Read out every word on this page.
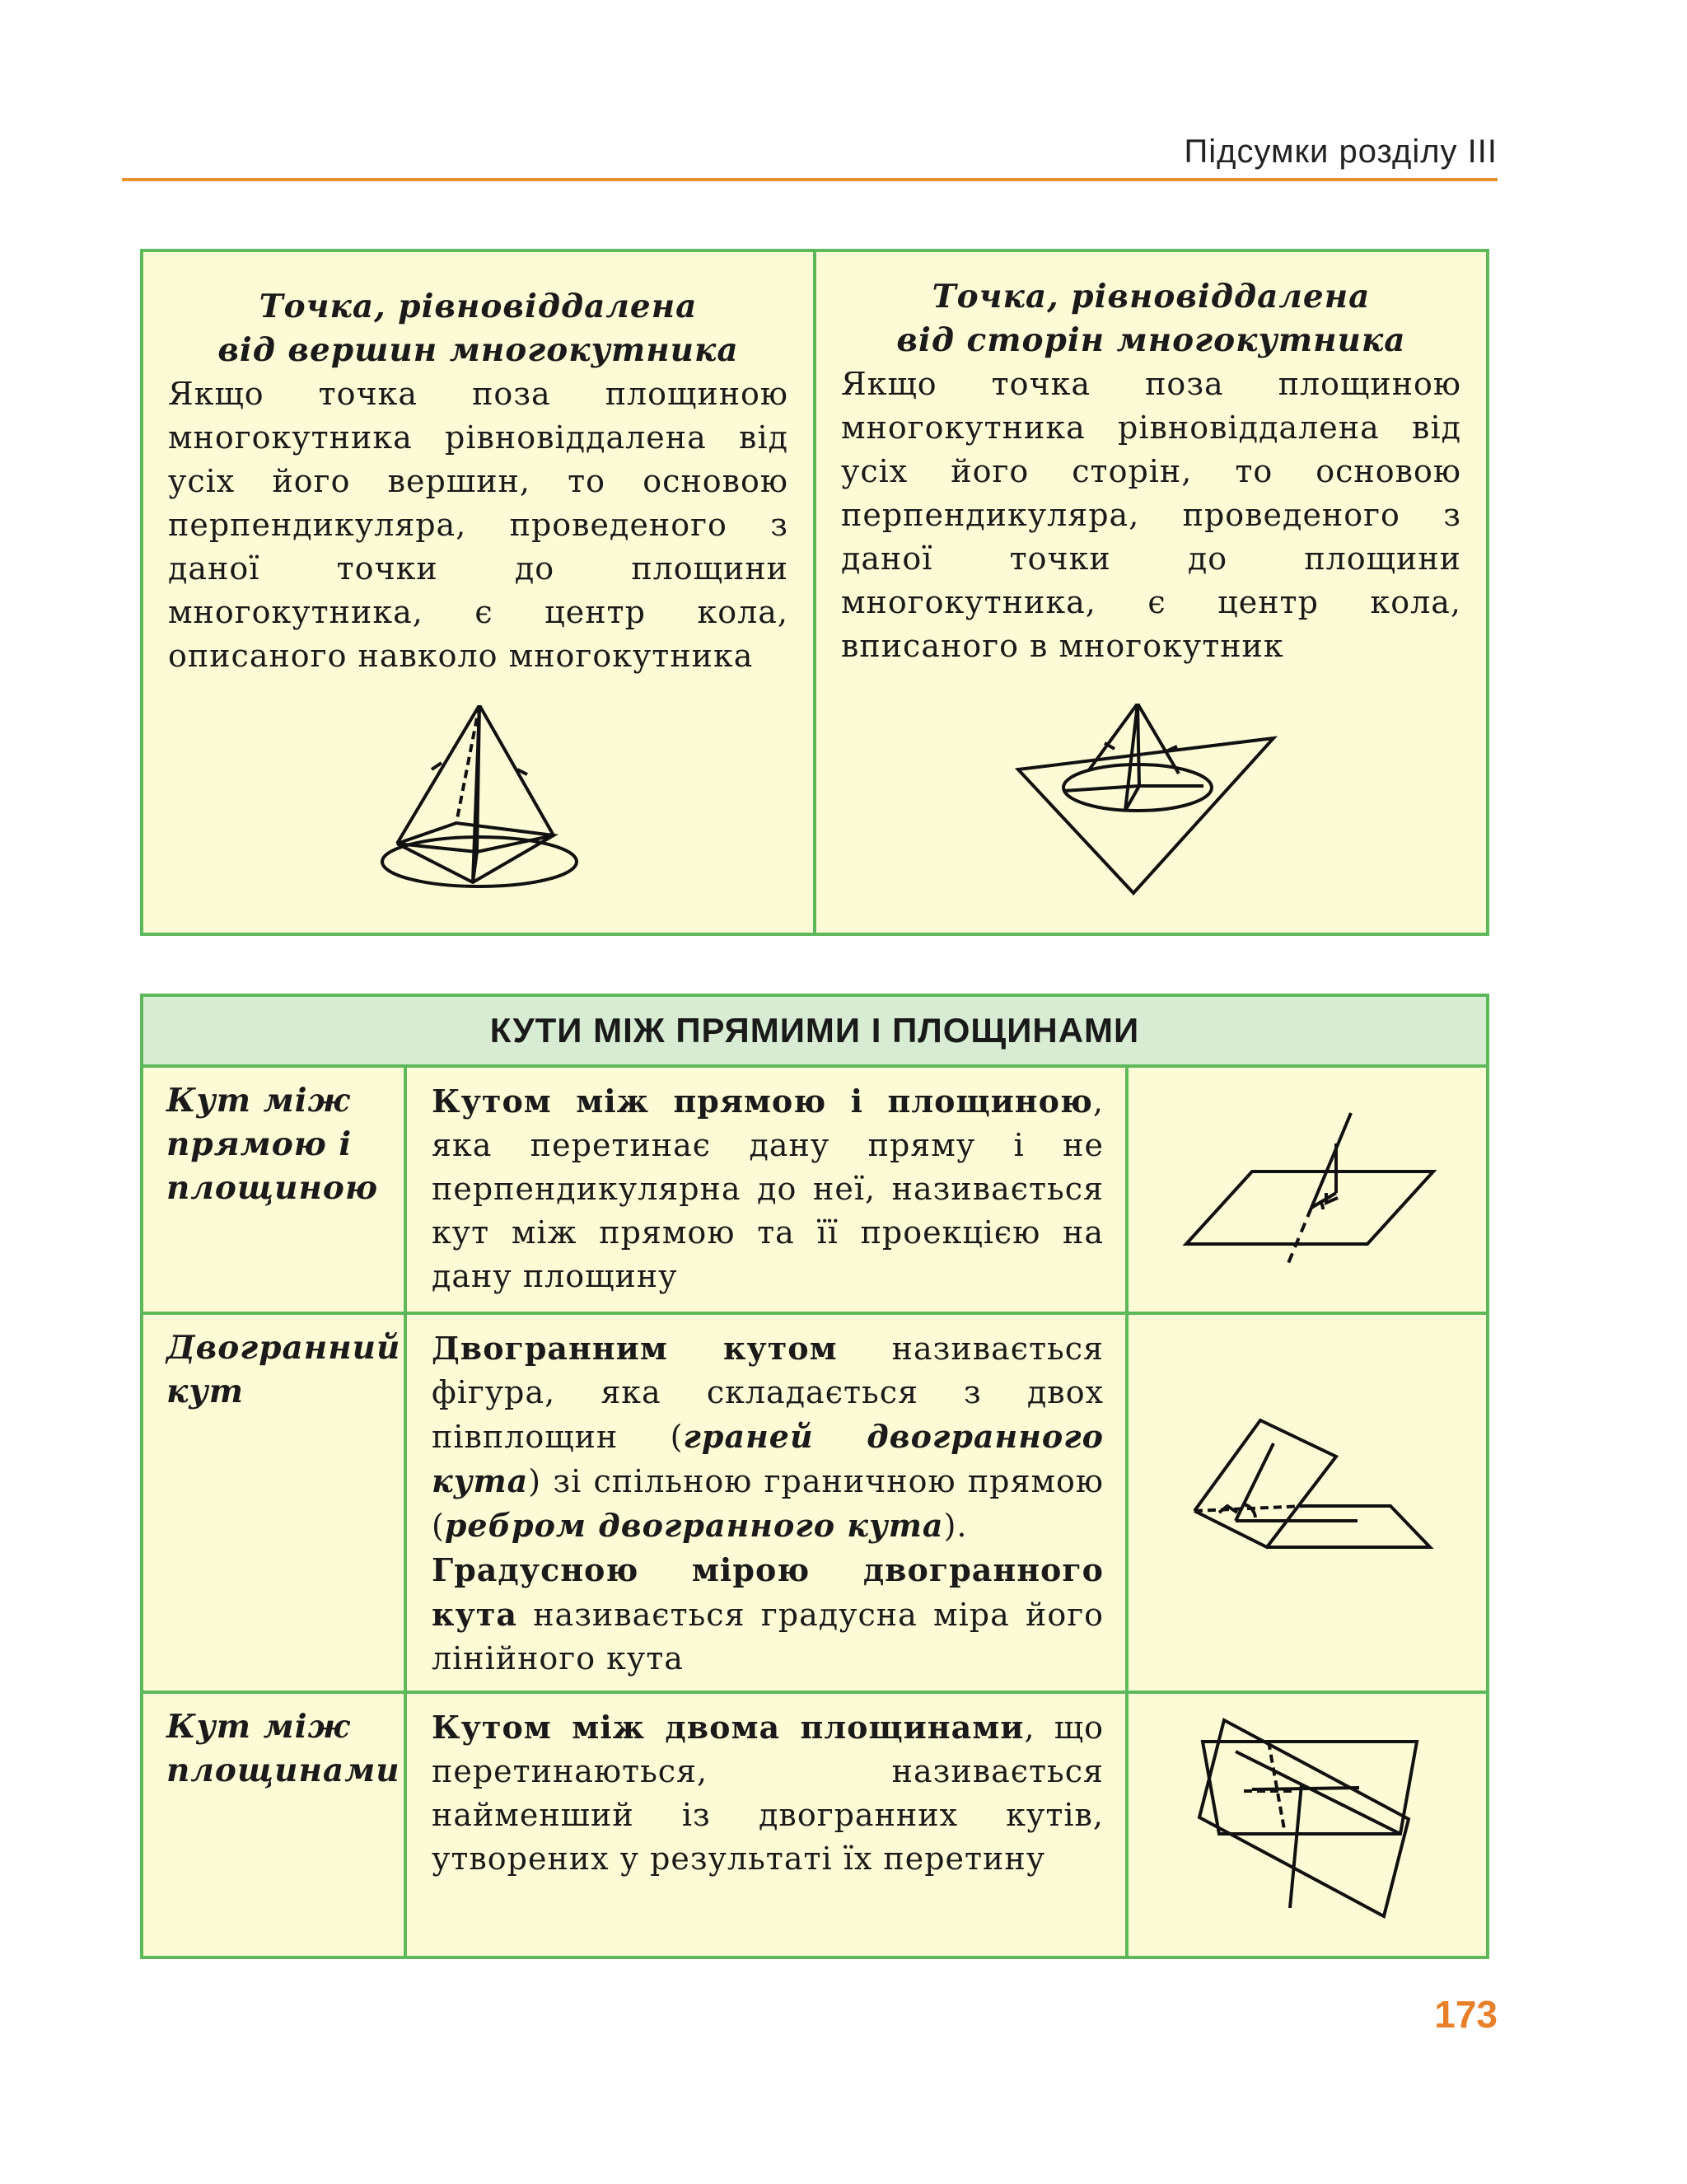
Підсумки розділу III
Точка, рівновіддалена
від вершин многокутника
Якщо точка поза площиною многокутника рівновіддалена від усіх його вершин, то основою перпендикуляра, проведеного з даної точки до площини многокутника, є центр кола, описаного навколо многокутника
Точка, рівновіддалена
від сторін многокутника
Якщо точка поза площиною многокутника рівновіддалена від усіх його сторін, то основою перпендикуляра, проведеного з даної точки до площини многокутника, є центр кола, вписаного в многокутник
КУТИ МІЖ ПРЯМИМИ І ПЛОЩИНАМИ
Кут між прямою і площиною
Кутом між прямою і площиною, яка перетинає дану пряму і не перпендикулярна до неї, називається кут між прямою та її проекцією на дану площину
Двогранний кут
Двогранним кутом називається фігура, яка складається з двох півплощин (граней двогранного кута) зі спільною граничною прямою (ребром двогранного кута).
Градусною мірою двогранного кута називається градусна міра його лінійного кута
Кут між площинами
Кутом між двома площинами, що перетинаються, називається найменший із двогранних кутів, утворених у результаті їх перетину
173
